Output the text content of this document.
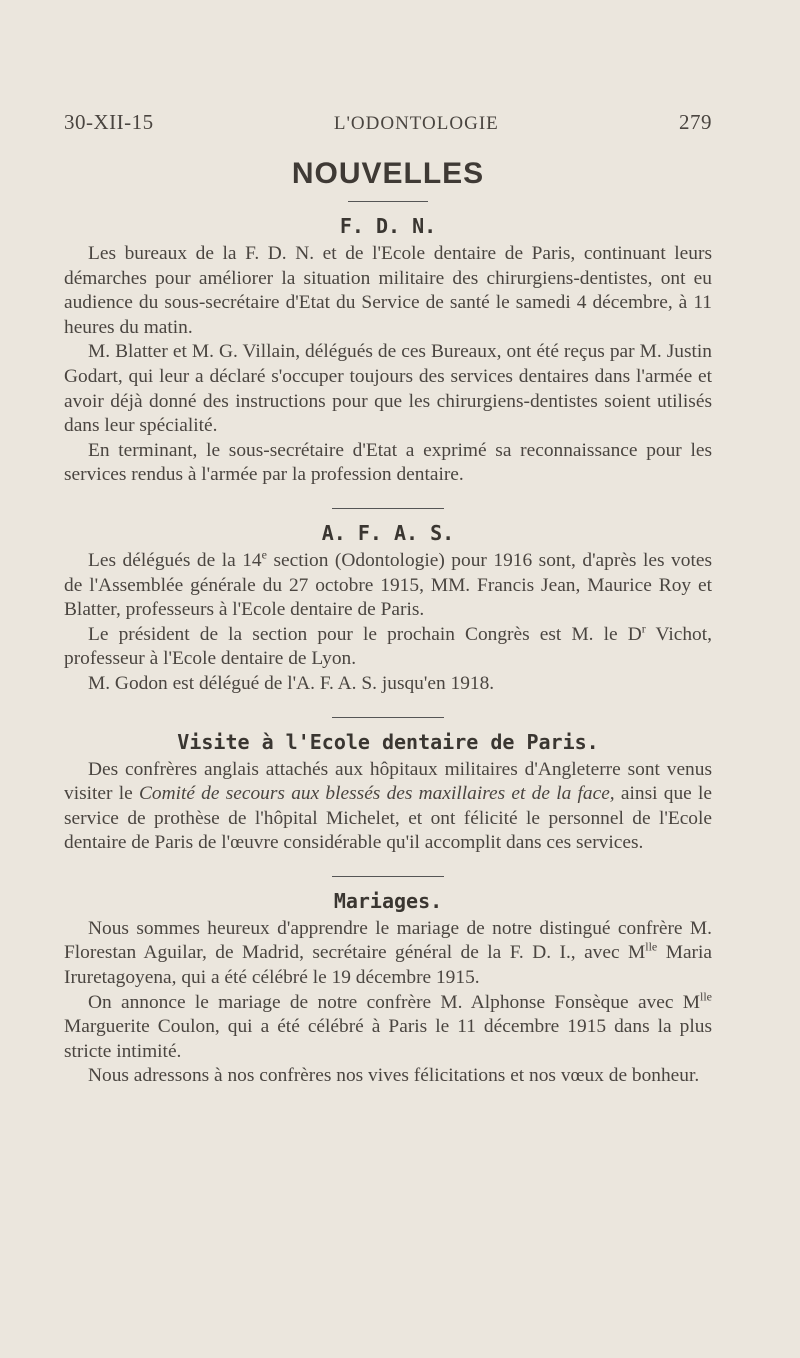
30-XII-15	L'ODONTOLOGIE	279
NOUVELLES
F. D. N.

Les bureaux de la F. D. N. et de l'Ecole dentaire de Paris, continuant leurs démarches pour améliorer la situation militaire des chirurgiens-dentistes, ont eu audience du sous-secrétaire d'Etat du Service de santé le samedi 4 décembre, à 11 heures du matin.

M. Blatter et M. G. Villain, délégués de ces Bureaux, ont été reçus par M. Justin Godart, qui leur a déclaré s'occuper toujours des services dentaires dans l'armée et avoir déjà donné des instructions pour que les chirurgiens-dentistes soient utilisés dans leur spécialité.

En terminant, le sous-secrétaire d'Etat a exprimé sa reconnaissance pour les services rendus à l'armée par la profession dentaire.

A. F. A. S.

Les délégués de la 14e section (Odontologie) pour 1916 sont, d'après les votes de l'Assemblée générale du 27 octobre 1915, MM. Francis Jean, Maurice Roy et Blatter, professeurs à l'Ecole dentaire de Paris.

Le président de la section pour le prochain Congrès est M. le $D^r$ Vichot, professeur à l'Ecole dentaire de Lyon.

M. Godon est délégué de l'A. F. A. S. jusqu'en 1918.

Visite à l'Ecole dentaire de Paris.

Des confrères anglais attachés aux hôpitaux militaires d'Angleterre sont venus visiter le Comité de secours aux blessés des maxillaires et de la face, ainsi que le service de prothèse de l'hôpital Michelet, et ont félicité le personnel de l'Ecole dentaire de Paris de l'œuvre considérable qu'il accomplit dans ces services.

Mariages.

Nous sommes heureux d'apprendre le mariage de notre distingué confrère M. Florestan Aguilar, de Madrid, secrétaire général de la F. D. I., avec $M^{lle}$ Maria Iruretagoyena, qui a été célébré le 19 décembre 1915.

On annonce le mariage de notre confrère M. Alphonse Fonsèque avec $M^{lle}$ Marguerite Coulon, qui a été célébré à Paris le 11 décembre 1915 dans la plus stricte intimité.

Nous adressons à nos confrères nos vives félicitations et nos vœux de bonheur.
